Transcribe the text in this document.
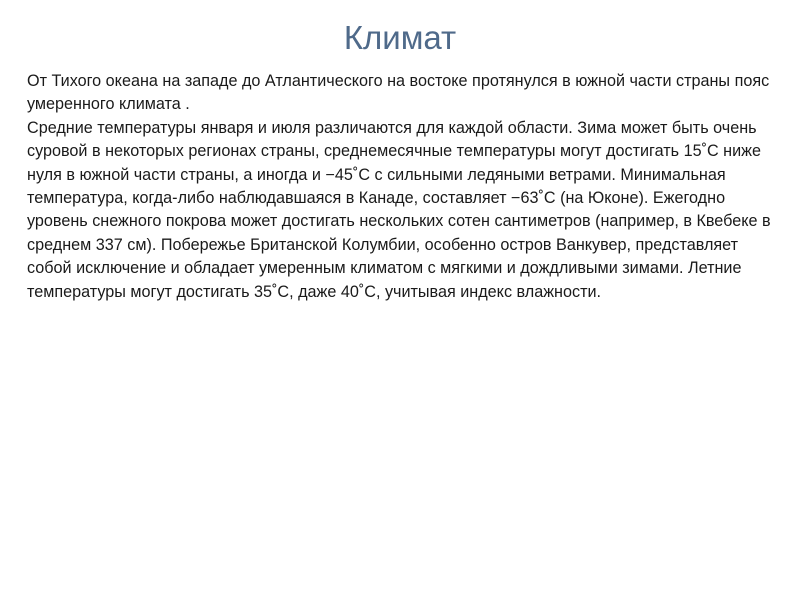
Климат

От Тихого океана на западе до Атлантического на востоке протянулся в южной части страны пояс умеренного климата .

Средние температуры января и июля различаются для каждой области. Зима может быть очень суровой в некоторых регионах страны, среднемесячные температуры могут достигать 15˚С ниже нуля в южной части страны, а иногда и −45˚С с сильными ледяными ветрами. Минимальная температура, когда-либо наблюдавшаяся в Канаде, составляет −63˚С (на Юконе). Ежегодно уровень снежного покрова может достигать нескольких сотен сантиметров (например, в Квебеке в среднем 337 см). Побережье Британской Колумбии, особенно остров Ванкувер, представляет собой исключение и обладает умеренным климатом с мягкими и дождливыми зимами. Летние температуры могут достигать 35˚С, даже 40˚С, учитывая индекс влажности.
